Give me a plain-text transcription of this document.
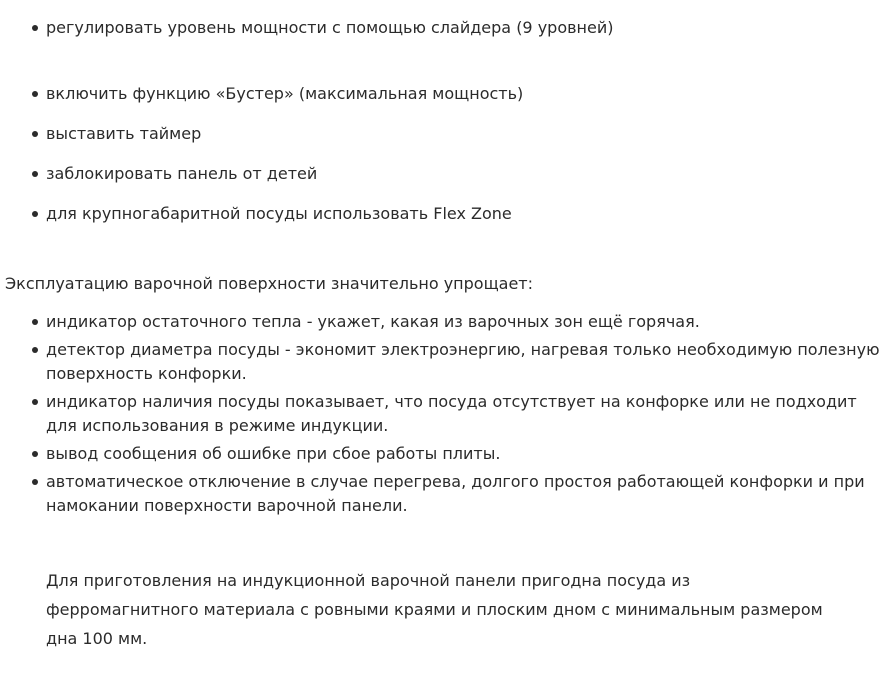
регулировать уровень мощности с помощью слайдера (9 уровней)
включить функцию «Бустер» (максимальная мощность)
выставить таймер
заблокировать панель от детей
для крупногабаритной посуды использовать Flex Zone

Эксплуатацию варочной поверхности значительно упрощает:

индикатор остаточного тепла - укажет, какая из варочных зон ещё горячая.
детектор диаметра посуды - экономит электроэнергию, нагревая только необходимую полезную поверхность конфорки.
индикатор наличия посуды показывает, что посуда отсутствует на конфорке или не подходит для использования в режиме индукции.
вывод сообщения об ошибке при сбое работы плиты.
автоматическое отключение в случае перегрева, долгого простоя работающей конфорки и при намокании поверхности варочной панели.

Для приготовления на индукционной варочной панели пригодна посуда из ферромагнитного материала с ровными краями и плоским дном с минимальным размером дна 100 мм.
